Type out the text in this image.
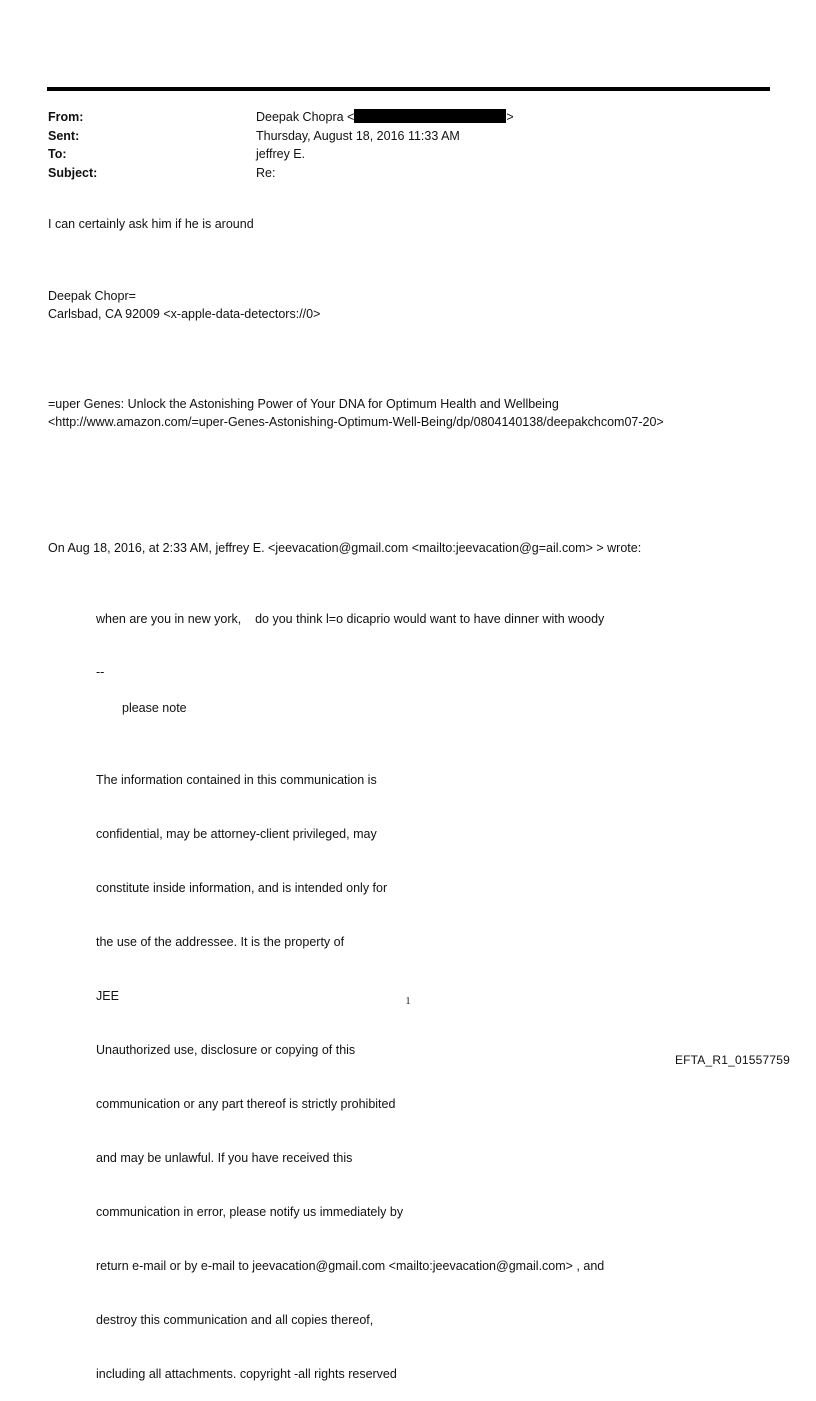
From:	Deepak Chopra <	>
Sent:	Thursday, August 18, 2016 11:33 AM
To:	jeffrey E.
Subject:	Re:
I can certainly ask him if he is around
Deepak Chopr=
Carlsbad, CA 92009 <x-apple-data-detectors://0>
=uper Genes: Unlock the Astonishing Power of Your DNA for Optimum Health and Wellbeing
<http://www.amazon.com/=uper-Genes-Astonishing-Optimum-Well-Being/dp/0804140138/deepakchcom07-20>
On Aug 18, 2016, at 2:33 AM, jeffrey E. <jeevacation@gmail.com <mailto:jeevacation@g=ail.com> > wrote:
when are you in new york,    do you think l=o dicaprio would want to have dinner with woody
--
please note

The information contained in this communication is

confidential, may be attorney-client privileged, may

constitute inside information, and is intended only for

the use of the addressee. It is the property of

JEE

Unauthorized use, disclosure or copying of this

communication or any part thereof is strictly prohibited

and may be unlawful. If you have received this

communication in error, please notify us immediately by

return e-mail or by e-mail to jeevacation@gmail.com <mailto:jeevacation@gmail.com> , and

destroy this communication and all copies thereof,

including all attachments. copyright -all rights reserved

1
EFTA_R1_01557759
